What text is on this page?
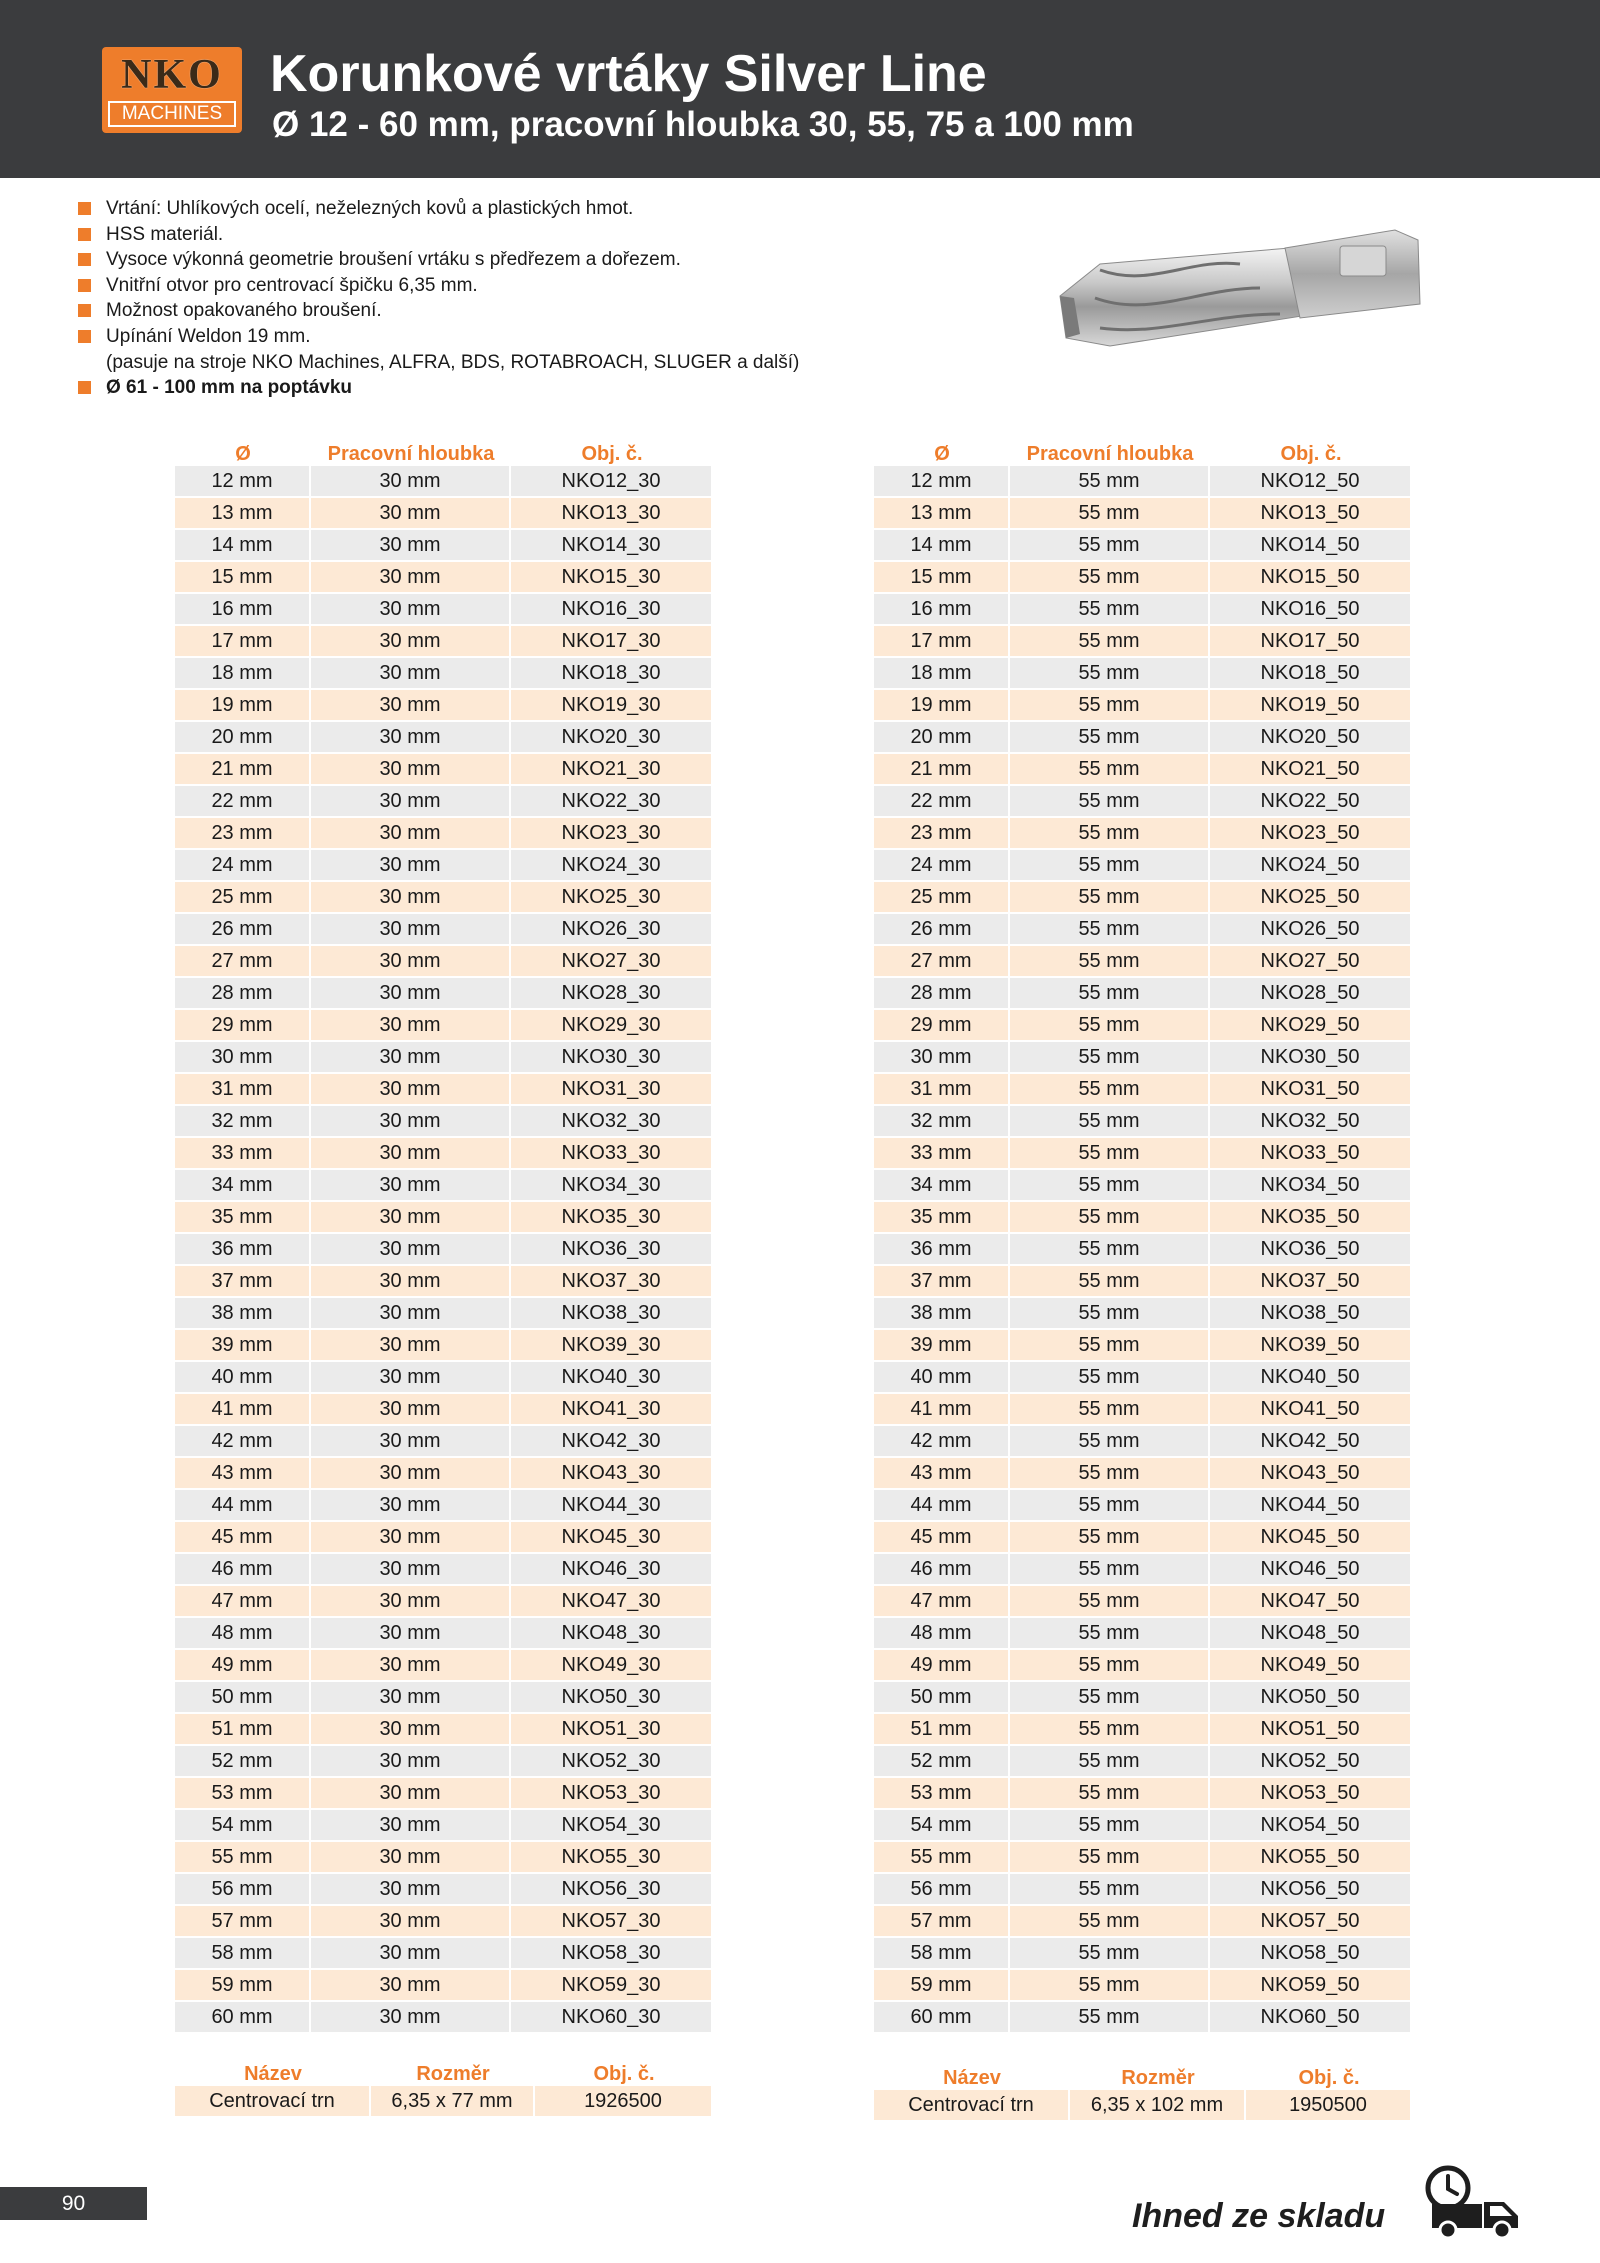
NKO
MACHINES
Korunkové vrtáky Silver Line
Ø 12 - 60 mm, pracovní hloubka 30, 55, 75 a 100 mm
Vrtání: Uhlíkových ocelí, neželezných kovů a plastických hmot.
HSS materiál.
Vysoce výkonná geometrie broušení vrtáku s předřezem a dořezem.
Vnitřní otvor pro centrovací špičku 6,35 mm.
Možnost opakovaného broušení.
Upínání Weldon 19 mm.
(pasuje na stroje NKO Machines, ALFRA, BDS, ROTABROACH, SLUGER a další)
Ø 61 - 100 mm na poptávku
Ø	Pracovní hloubka	Obj. č.
12 mm	30 mm	NKO12_30
13 mm	30 mm	NKO13_30
14 mm	30 mm	NKO14_30
15 mm	30 mm	NKO15_30
16 mm	30 mm	NKO16_30
17 mm	30 mm	NKO17_30
18 mm	30 mm	NKO18_30
19 mm	30 mm	NKO19_30
20 mm	30 mm	NKO20_30
21 mm	30 mm	NKO21_30
22 mm	30 mm	NKO22_30
23 mm	30 mm	NKO23_30
24 mm	30 mm	NKO24_30
25 mm	30 mm	NKO25_30
26 mm	30 mm	NKO26_30
27 mm	30 mm	NKO27_30
28 mm	30 mm	NKO28_30
29 mm	30 mm	NKO29_30
30 mm	30 mm	NKO30_30
31 mm	30 mm	NKO31_30
32 mm	30 mm	NKO32_30
33 mm	30 mm	NKO33_30
34 mm	30 mm	NKO34_30
35 mm	30 mm	NKO35_30
36 mm	30 mm	NKO36_30
37 mm	30 mm	NKO37_30
38 mm	30 mm	NKO38_30
39 mm	30 mm	NKO39_30
40 mm	30 mm	NKO40_30
41 mm	30 mm	NKO41_30
42 mm	30 mm	NKO42_30
43 mm	30 mm	NKO43_30
44 mm	30 mm	NKO44_30
45 mm	30 mm	NKO45_30
46 mm	30 mm	NKO46_30
47 mm	30 mm	NKO47_30
48 mm	30 mm	NKO48_30
49 mm	30 mm	NKO49_30
50 mm	30 mm	NKO50_30
51 mm	30 mm	NKO51_30
52 mm	30 mm	NKO52_30
53 mm	30 mm	NKO53_30
54 mm	30 mm	NKO54_30
55 mm	30 mm	NKO55_30
56 mm	30 mm	NKO56_30
57 mm	30 mm	NKO57_30
58 mm	30 mm	NKO58_30
59 mm	30 mm	NKO59_30
60 mm	30 mm	NKO60_30
Ø	Pracovní hloubka	Obj. č.
12 mm	55 mm	NKO12_50
13 mm	55 mm	NKO13_50
14 mm	55 mm	NKO14_50
15 mm	55 mm	NKO15_50
16 mm	55 mm	NKO16_50
17 mm	55 mm	NKO17_50
18 mm	55 mm	NKO18_50
19 mm	55 mm	NKO19_50
20 mm	55 mm	NKO20_50
21 mm	55 mm	NKO21_50
22 mm	55 mm	NKO22_50
23 mm	55 mm	NKO23_50
24 mm	55 mm	NKO24_50
25 mm	55 mm	NKO25_50
26 mm	55 mm	NKO26_50
27 mm	55 mm	NKO27_50
28 mm	55 mm	NKO28_50
29 mm	55 mm	NKO29_50
30 mm	55 mm	NKO30_50
31 mm	55 mm	NKO31_50
32 mm	55 mm	NKO32_50
33 mm	55 mm	NKO33_50
34 mm	55 mm	NKO34_50
35 mm	55 mm	NKO35_50
36 mm	55 mm	NKO36_50
37 mm	55 mm	NKO37_50
38 mm	55 mm	NKO38_50
39 mm	55 mm	NKO39_50
40 mm	55 mm	NKO40_50
41 mm	55 mm	NKO41_50
42 mm	55 mm	NKO42_50
43 mm	55 mm	NKO43_50
44 mm	55 mm	NKO44_50
45 mm	55 mm	NKO45_50
46 mm	55 mm	NKO46_50
47 mm	55 mm	NKO47_50
48 mm	55 mm	NKO48_50
49 mm	55 mm	NKO49_50
50 mm	55 mm	NKO50_50
51 mm	55 mm	NKO51_50
52 mm	55 mm	NKO52_50
53 mm	55 mm	NKO53_50
54 mm	55 mm	NKO54_50
55 mm	55 mm	NKO55_50
56 mm	55 mm	NKO56_50
57 mm	55 mm	NKO57_50
58 mm	55 mm	NKO58_50
59 mm	55 mm	NKO59_50
60 mm	55 mm	NKO60_50
Název	Rozměr	Obj. č.
Centrovací trn	6,35 x 77 mm	1926500
Název	Rozměr	Obj. č.
Centrovací trn	6,35 x 102 mm	1950500
90	Ihned ze skladu
